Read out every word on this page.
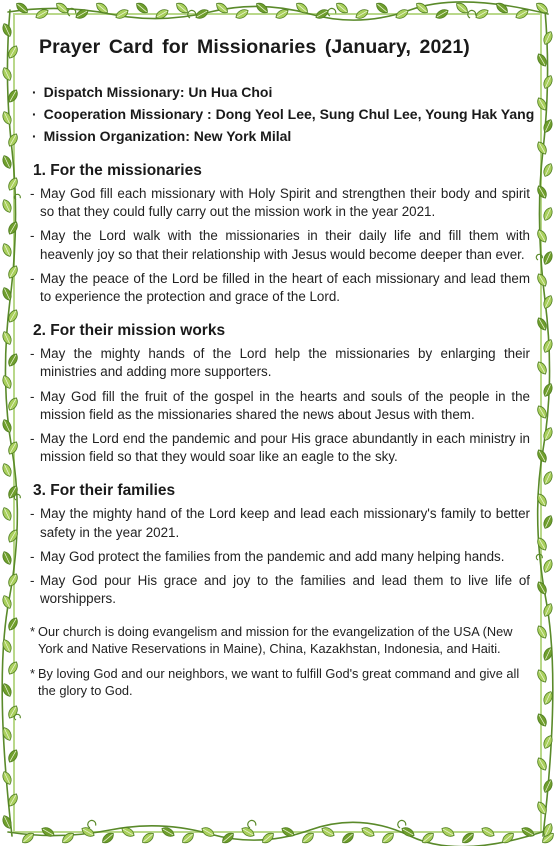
Prayer Card for Missionaries (January, 2021)
· Dispatch Missionary: Un Hua Choi
· Cooperation Missionary : Dong Yeol Lee, Sung Chul Lee, Young Hak Yang
· Mission Organization: New York Milal
1. For the missionaries
- May God fill each missionary with Holy Spirit and strengthen their body and spirit so that they could fully carry out the mission work in the year 2021.
- May the Lord walk with the missionaries in their daily life and fill them with heavenly joy so that their relationship with Jesus would become deeper than ever.
- May the peace of the Lord be filled in the heart of each missionary and lead them to experience the protection and grace of the Lord.
2. For their mission works
- May the mighty hands of the Lord help the missionaries by enlarging their ministries and adding more supporters.
- May God fill the fruit of the gospel in the hearts and souls of the people in the mission field as the missionaries shared the news about Jesus with them.
- May the Lord end the pandemic and pour His grace abundantly in each ministry in mission field so that they would soar like an eagle to the sky.
3. For their families
- May the mighty hand of the Lord keep and lead each missionary's family to better safety in the year 2021.
- May God protect the families from the pandemic and add many helping hands.
- May God pour His grace and joy to the families and lead them to live life of worshippers.
* Our church is doing evangelism and mission for the evangelization of the USA (New York and Native Reservations in Maine), China, Kazakhstan, Indonesia, and Haiti.
* By loving God and our neighbors, we want to fulfill God's great command and give all the glory to God.
